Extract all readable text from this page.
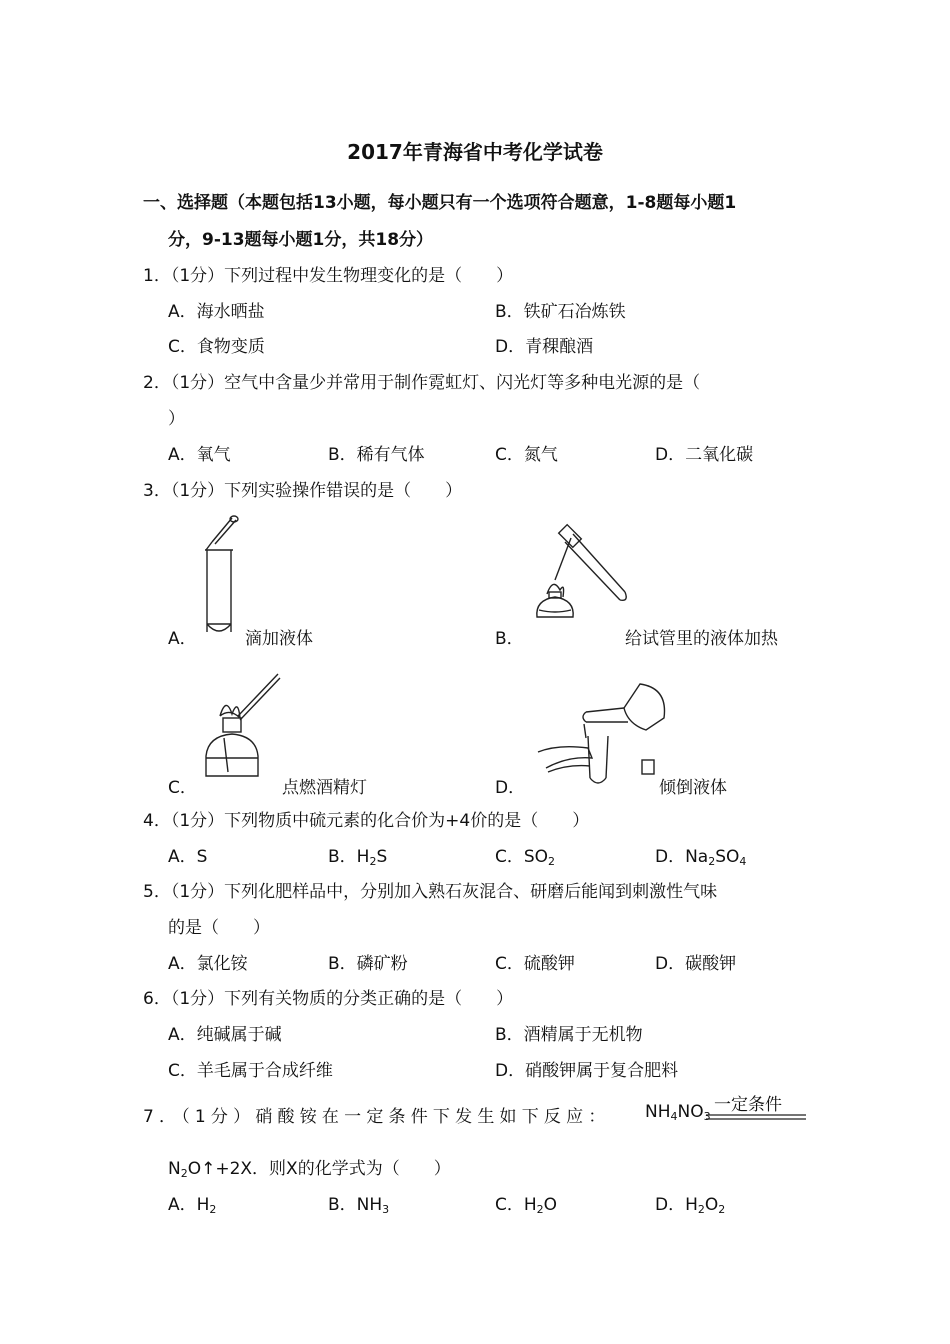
2017年青海省中考化学试卷
一、选择题（本题包括13小题，每小题只有一个选项符合题意，1-8题每小题1
分，9-13题每小题1分，共18分）
1．（1分）下列过程中发生物理变化的是（　　）
A．海水晒盐	B．铁矿石冶炼铁
C．食物变质	D．青稞酿酒
2．（1分）空气中含量少并常用于制作霓虹灯、闪光灯等多种电光源的是（
）
A．氧气	B．稀有气体	C．氮气	D．二氧化碳
3．（1分）下列实验操作错误的是（　　）
A．	滴加液体	B．	给试管里的液体加热
C．	点燃酒精灯	D．	倾倒液体
4．（1分）下列物质中硫元素的化合价为+4价的是（　　）
A．S	B．$H_2S$	C．$SO_2$	D．$Na_2SO_4$
5．（1分）下列化肥样品中，分别加入熟石灰混合、研磨后能闻到刺激性气味
的是（　　）
A．氯化铵	B．磷矿粉	C．硫酸钾	D．碳酸钾
6．（1分）下列有关物质的分类正确的是（　　）
A．纯碱属于碱	B．酒精属于无机物
C．羊毛属于合成纤维	D．硝酸钾属于复合肥料
7．（1分）硝酸铵在一定条件下发生如下反应： $NH_4NO_3$
一定条件
$N_2O↑+2X$．则X的化学式为（　　）
A．$H_2$	B．$NH_3$	C．$H_2O$	D．$H_2O_2$
